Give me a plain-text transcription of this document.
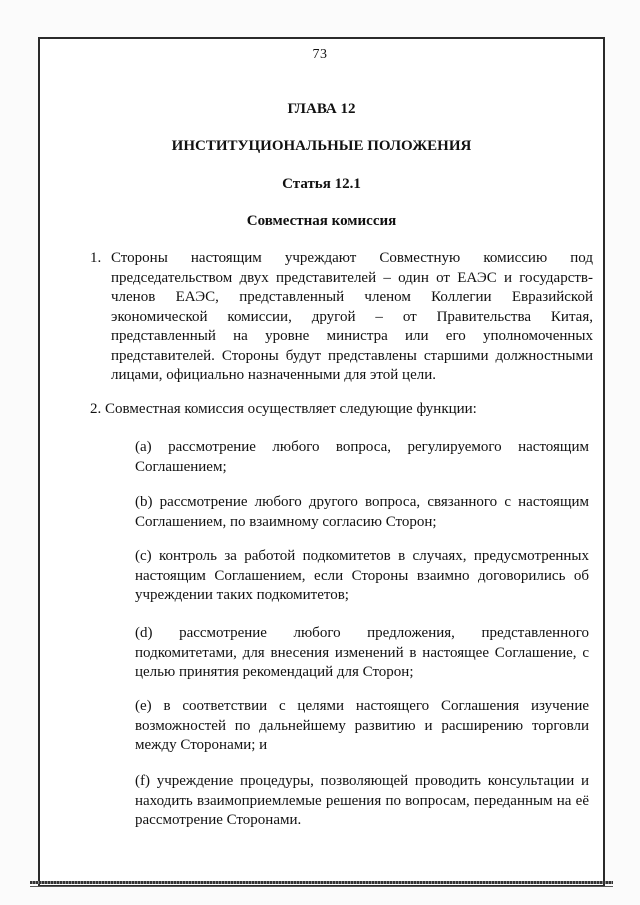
73
ГЛАВА 12
ИНСТИТУЦИОНАЛЬНЫЕ ПОЛОЖЕНИЯ
Статья 12.1
Совместная комиссия
1. Стороны настоящим учреждают Совместную комиссию под председательством двух представителей – один от ЕАЭС и государств-членов ЕАЭС, представленный членом Коллегии Евразийской экономической комиссии, другой – от Правительства Китая, представленный на уровне министра или его уполномоченных представителей. Стороны будут представлены старшими должностными лицами, официально назначенными для этой цели.
2. Совместная комиссия осуществляет следующие функции:
(a) рассмотрение любого вопроса, регулируемого настоящим Соглашением;
(b) рассмотрение любого другого вопроса, связанного с настоящим Соглашением, по взаимному согласию Сторон;
(c) контроль за работой подкомитетов в случаях, предусмотренных настоящим Соглашением, если Стороны взаимно договорились об учреждении таких подкомитетов;
(d) рассмотрение любого предложения, представленного подкомитетами, для внесения изменений в настоящее Соглашение, с целью принятия рекомендаций для Сторон;
(e) в соответствии с целями настоящего Соглашения изучение возможностей по дальнейшему развитию и расширению торговли между Сторонами; и
(f) учреждение процедуры, позволяющей проводить консультации и находить взаимоприемлемые решения по вопросам, переданным на её рассмотрение Сторонами.
